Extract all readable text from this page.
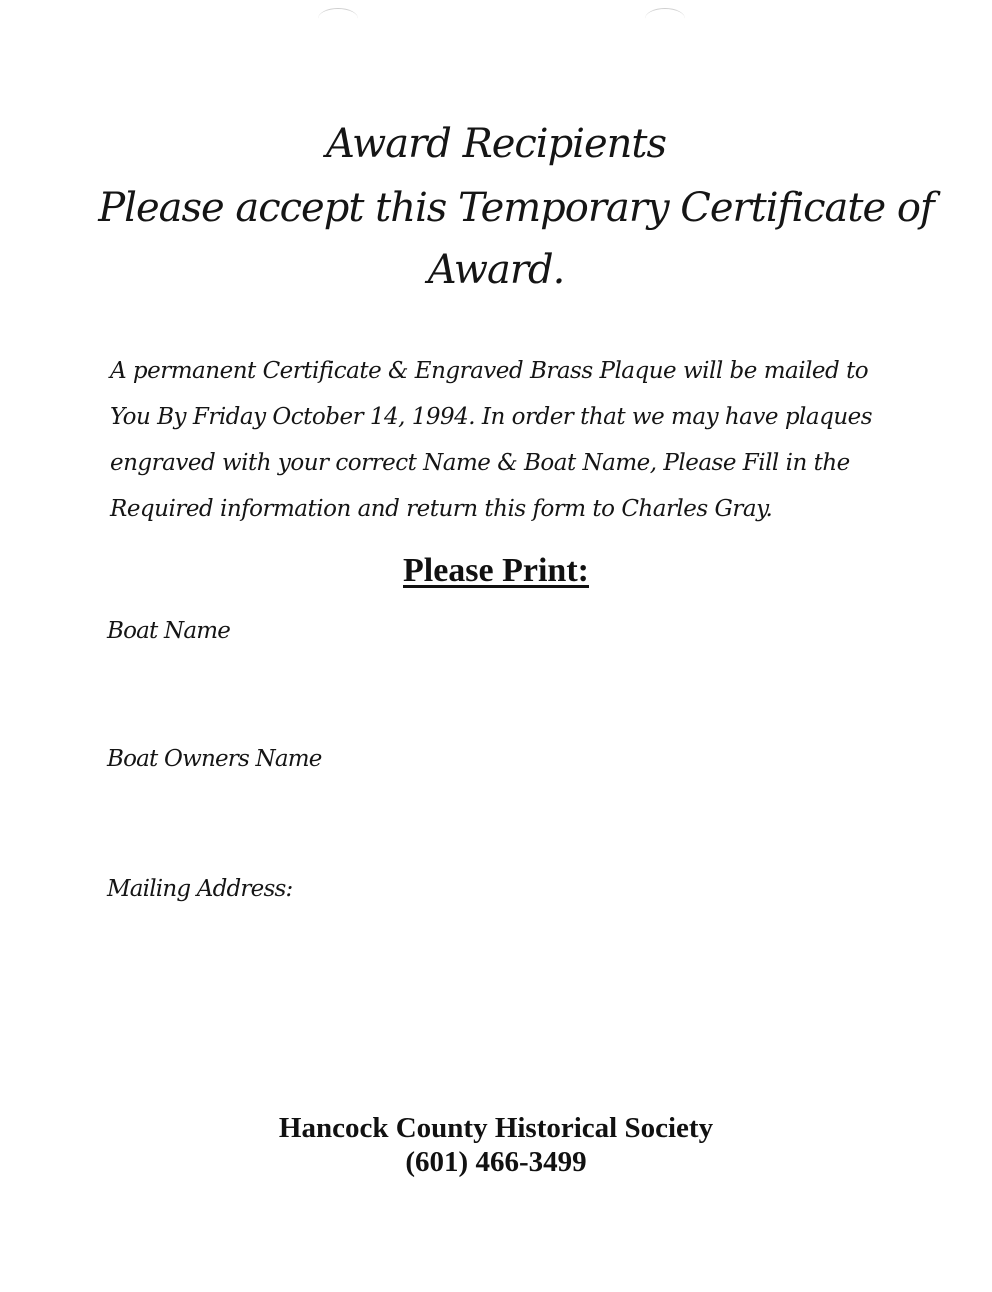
Award Recipients
Please accept this Temporary Certificate of
Award.
A permanent Certificate & Engraved Brass Plaque will be mailed to
You By Friday October 14, 1994. In order that we may have plaques
engraved with your correct Name & Boat Name, Please Fill in the
Required information and return this form to Charles Gray.
Please Print:
Boat Name
Boat Owners Name
Mailing Address:
Hancock County Historical Society
(601) 466-3499
